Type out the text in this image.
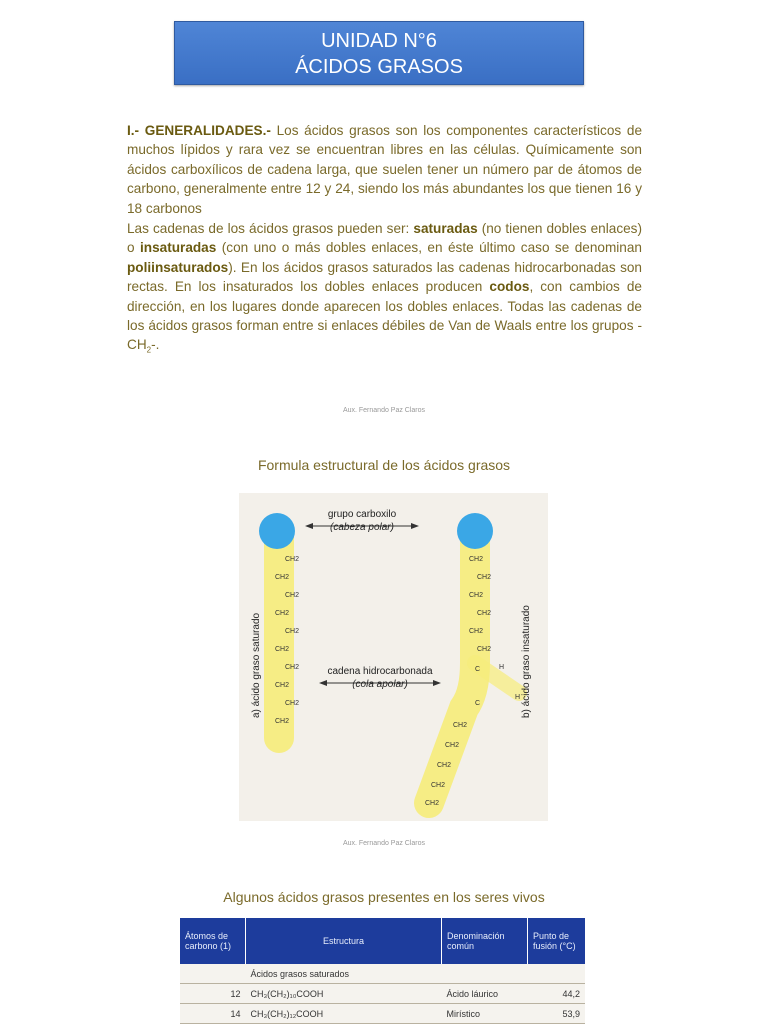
UNIDAD N°6
ÁCIDOS GRASOS
I.- GENERALIDADES.- Los ácidos grasos son los componentes característicos de muchos lípidos y rara vez se encuentran libres en las células. Químicamente son ácidos carboxílicos de cadena larga, que suelen tener un número par de átomos de carbono, generalmente entre 12 y 24, siendo los más abundantes los que tienen 16 y 18 carbonos
Las cadenas de los ácidos grasos pueden ser: saturadas (no tienen dobles enlaces) o insaturadas (con uno o más dobles enlaces, en éste último caso se denominan poliinsaturados). En los ácidos grasos saturados las cadenas hidrocarbonadas son rectas. En los insaturados los dobles enlaces producen codos, con cambios de dirección, en los lugares donde aparecen los dobles enlaces. Todas las cadenas de los ácidos grasos forman entre si enlaces débiles de Van de Waals entre los grupos $-CH_2-$.
Aux. Fernando Paz Claros
Formula estructural de los ácidos grasos
grupo carboxilo
(cabeza polar)
cadena hidrocarbonada
(cola apolar)
a) ácido graso saturado	b) ácido graso insaturado
CH2
CH2
CH2
CH2
CH2
CH2
CH2
CH2
CH2
CH2
CH2
CH2
CH2
CH2
CH2
CH2
C	H
C
H
CH2
CH2
CH2
CH2
CH2
Aux. Fernando Paz Claros
Algunos ácidos grasos presentes en los seres vivos
Átomos de carbono (1)	Estructura	Denominación común	Punto de fusión (°C)
	Ácidos grasos saturados		
12	CH₃(CH₂)₁₀COOH	Ácido láurico	44,2
14	CH₃(CH₂)₁₂COOH	Mirístico	53,9
